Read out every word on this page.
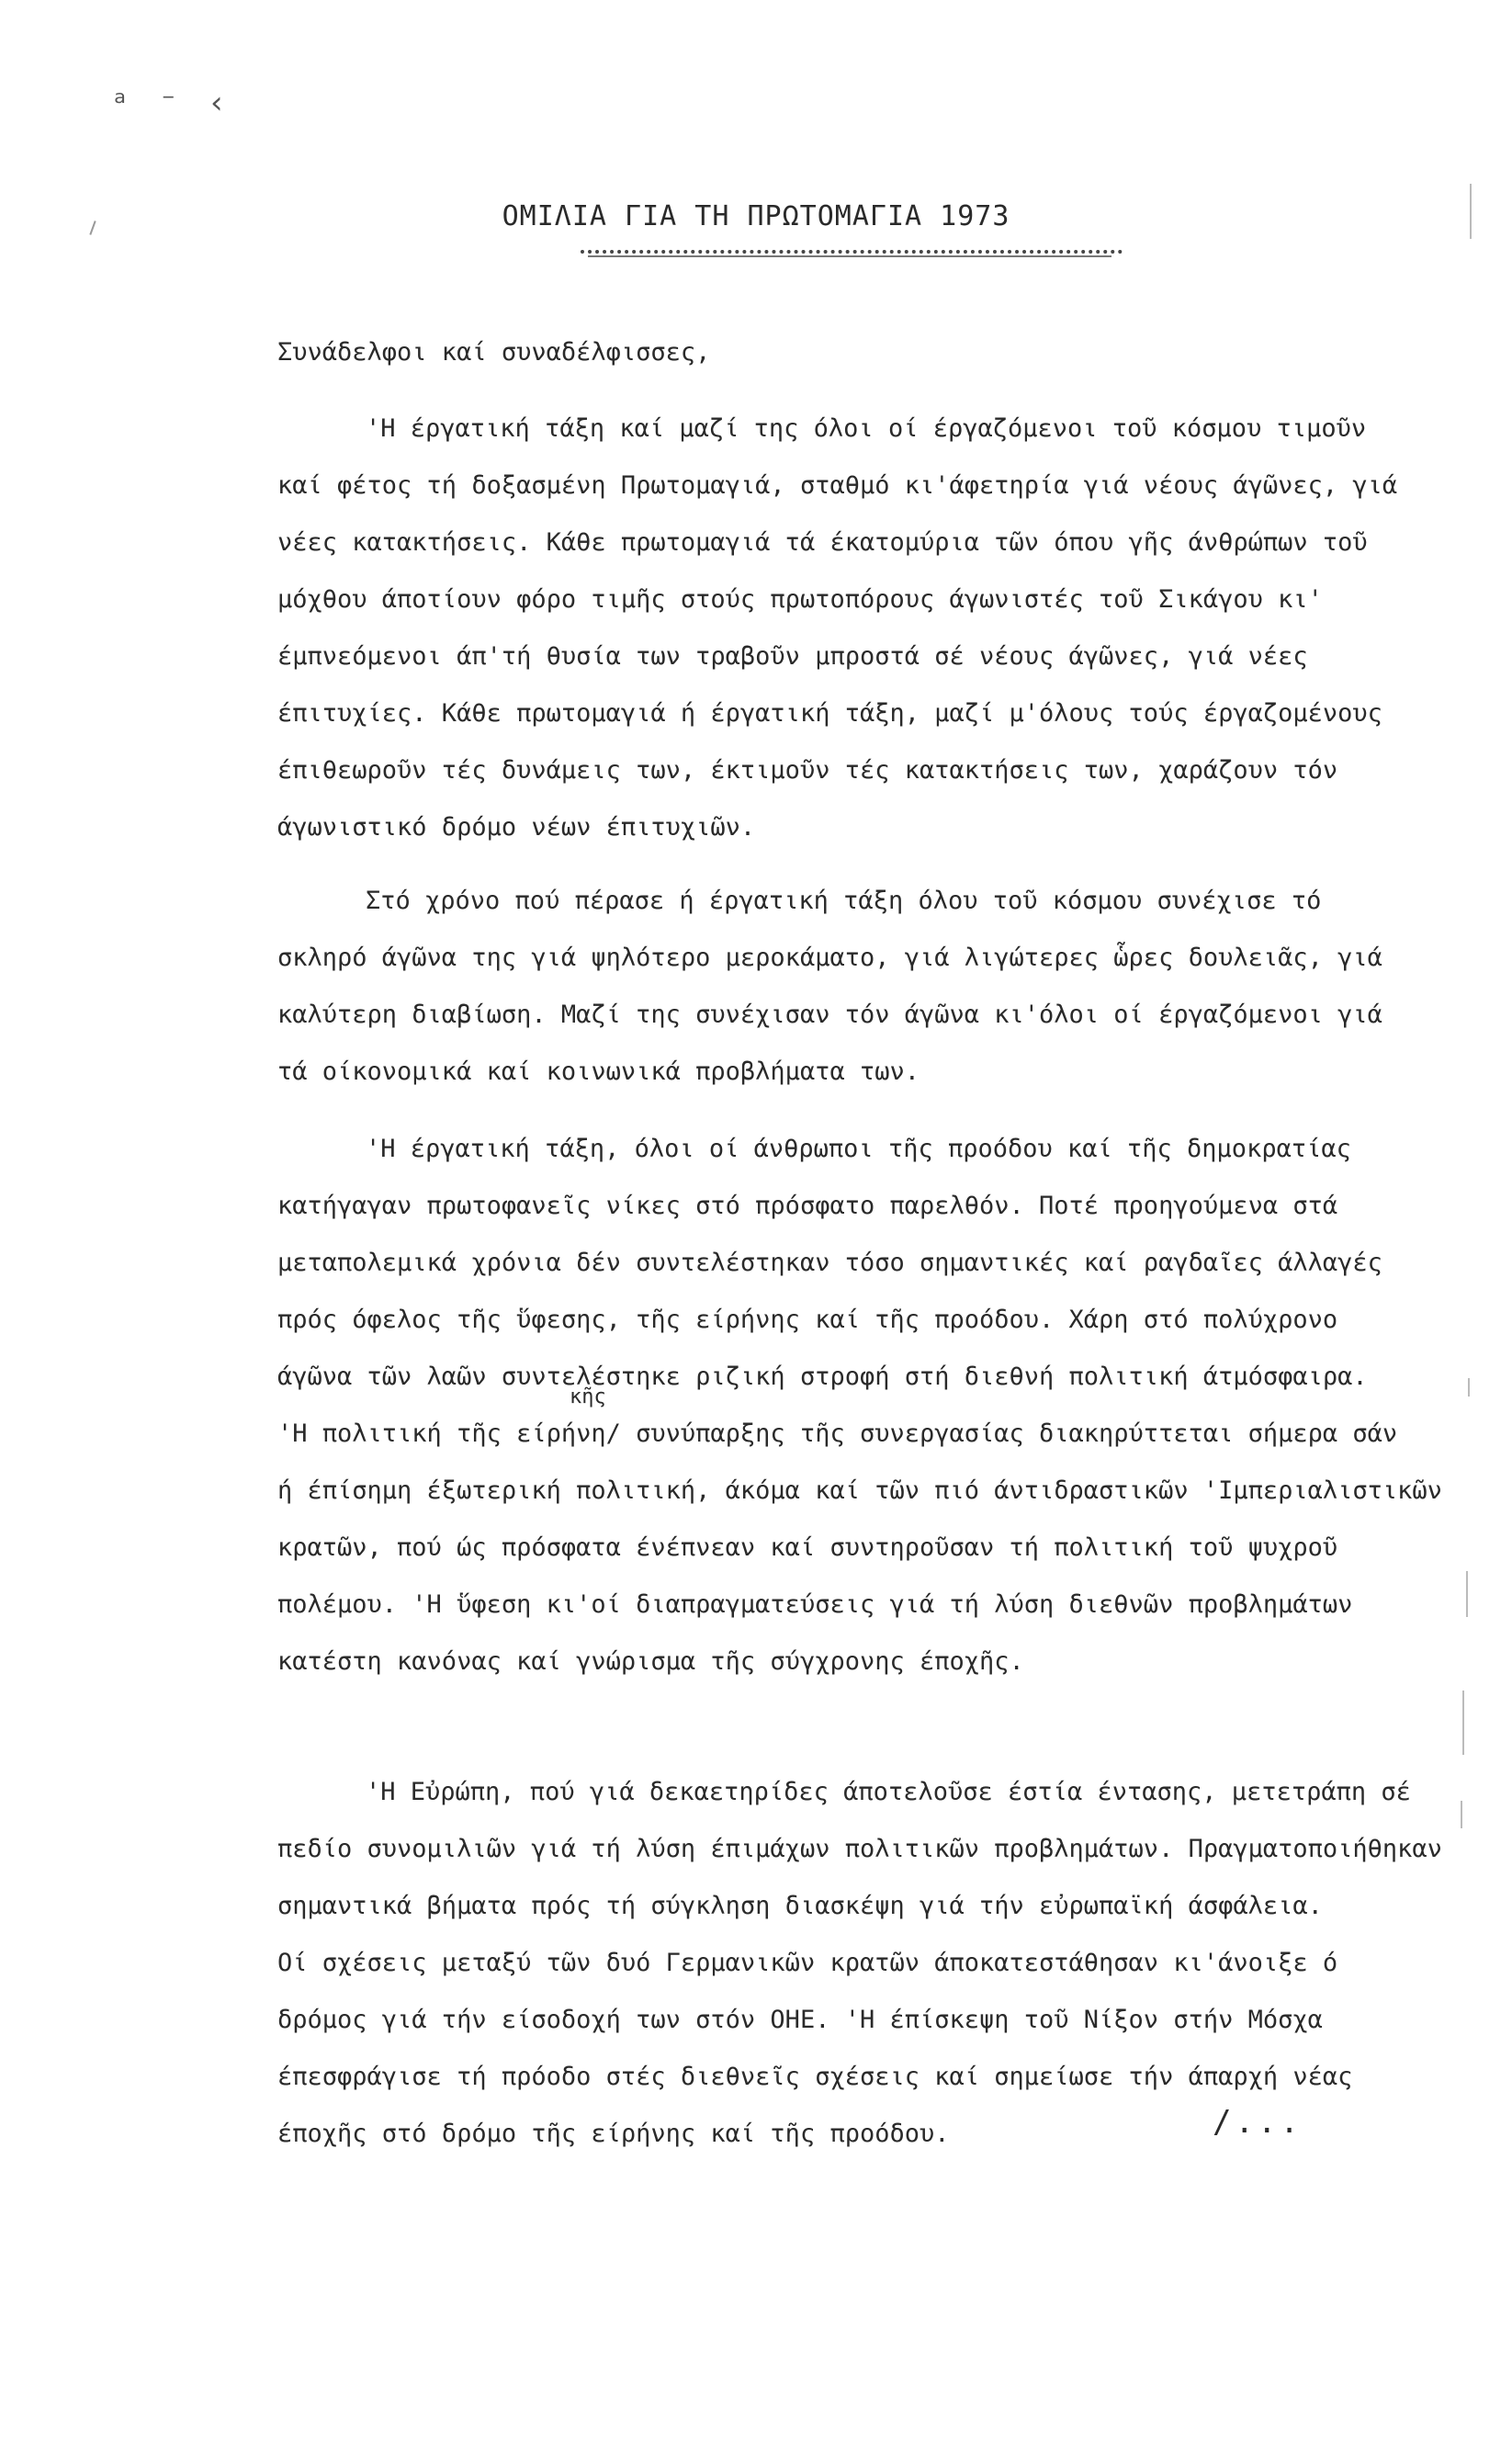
ᵃ ⁻ ‹
ΟΜΙΛΙΑ ΓΙΑ ΤΗ ΠΡΩΤΟΜΑΓΙΑ 1973
Συνάδελφοι καί συναδέλφισσες,
'Η έργατική τάξη καί μαζί της όλοι οί έργαζόμενοι τοῦ κόσμου τιμοῦν
καί φέτος τή δοξασμένη Πρωτομαγιά, σταθμό κι'άφετηρία γιά νέους άγῶνες, γιά
νέες κατακτήσεις. Κάθε πρωτομαγιά τά έκατομύρια τῶν όπου γῆς άνθρώπων τοῦ
μόχθου άποτίουν φόρο τιμῆς στούς πρωτοπόρους άγωνιστές τοῦ Σικάγου κι'
έμπνεόμενοι άπ'τή θυσία των τραβοῦν μπροστά σέ νέους άγῶνες, γιά νέες
έπιτυχίες. Κάθε πρωτομαγιά ή έργατική τάξη, μαζί μ'όλους τούς έργαζομένους
έπιθεωροῦν τές δυνάμεις των, έκτιμοῦν τές κατακτήσεις των, χαράζουν τόν
άγωνιστικό δρόμο νέων έπιτυχιῶν.
Στό χρόνο πού πέρασε ή έργατική τάξη όλου τοῦ κόσμου συνέχισε τό
σκληρό άγῶνα της γιά ψηλότερο μεροκάματο, γιά λιγώτερες ὧρες δουλειᾶς, γιά
καλύτερη διαβίωση. Μαζί της συνέχισαν τόν άγῶνα κι'όλοι οί έργαζόμενοι γιά
τά οίκονομικά καί κοινωνικά προβλήματα των.
'Η έργατική τάξη, όλοι οί άνθρωποι τῆς προόδου καί τῆς δημοκρατίας
κατήγαγαν πρωτοφανεῖς νίκες στό πρόσφατο παρελθόν. Ποτέ προηγούμενα στά
μεταπολεμικά χρόνια δέν συντελέστηκαν τόσο σημαντικές καί ραγδαῖες άλλαγές
πρός όφελος τῆς ὕφεσης, τῆς είρήνης καί τῆς προόδου. Χάρη στό πολύχρονο
άγῶνα τῶν λαῶν συντελέστηκε ριζική στροφή στή διεθνή πολιτική άτμόσφαιρα.
'Η πολιτική τῆς είρήνη/ συνύπαρξης τῆς συνεργασίας διακηρύττεται σήμερα σάν
ή έπίσημη έξωτερική πολιτική, άκόμα καί τῶν πιό άντιδραστικῶν 'Ιμπεριαλιστικῶν
κρατῶν, πού ώς πρόσφατα ένέπνεαν καί συντηροῦσαν τή πολιτική τοῦ ψυχροῦ
πολέμου. 'Η ὕφεση κι'οί διαπραγματεύσεις γιά τή λύση διεθνῶν προβλημάτων
κατέστη κανόνας καί γνώρισμα τῆς σύγχρονης έποχῆς.
κῆς
'Η Εὐρώπη, πού γιά δεκαετηρίδες άποτελοῦσε έστία έντασης, μετετράπη σέ
πεδίο συνομιλιῶν γιά τή λύση έπιμάχων πολιτικῶν προβλημάτων. Πραγματοποιήθηκαν
σημαντικά βήματα πρός τή σύγκληση διασκέψη γιά τήν εὐρωπαϊκή άσφάλεια.
Οί σχέσεις μεταξύ τῶν δυό Γερμανικῶν κρατῶν άποκατεστάθησαν κι'άνοιξε ό
δρόμος γιά τήν είσοδοχή των στόν ΟΗΕ. 'Η έπίσκεψη τοῦ Νίξον στήν Μόσχα
έπεσφράγισε τή πρόοδο στές διεθνεῖς σχέσεις καί σημείωσε τήν άπαρχή νέας
έποχῆς στό δρόμο τῆς είρήνης καί τῆς προόδου.	/...
